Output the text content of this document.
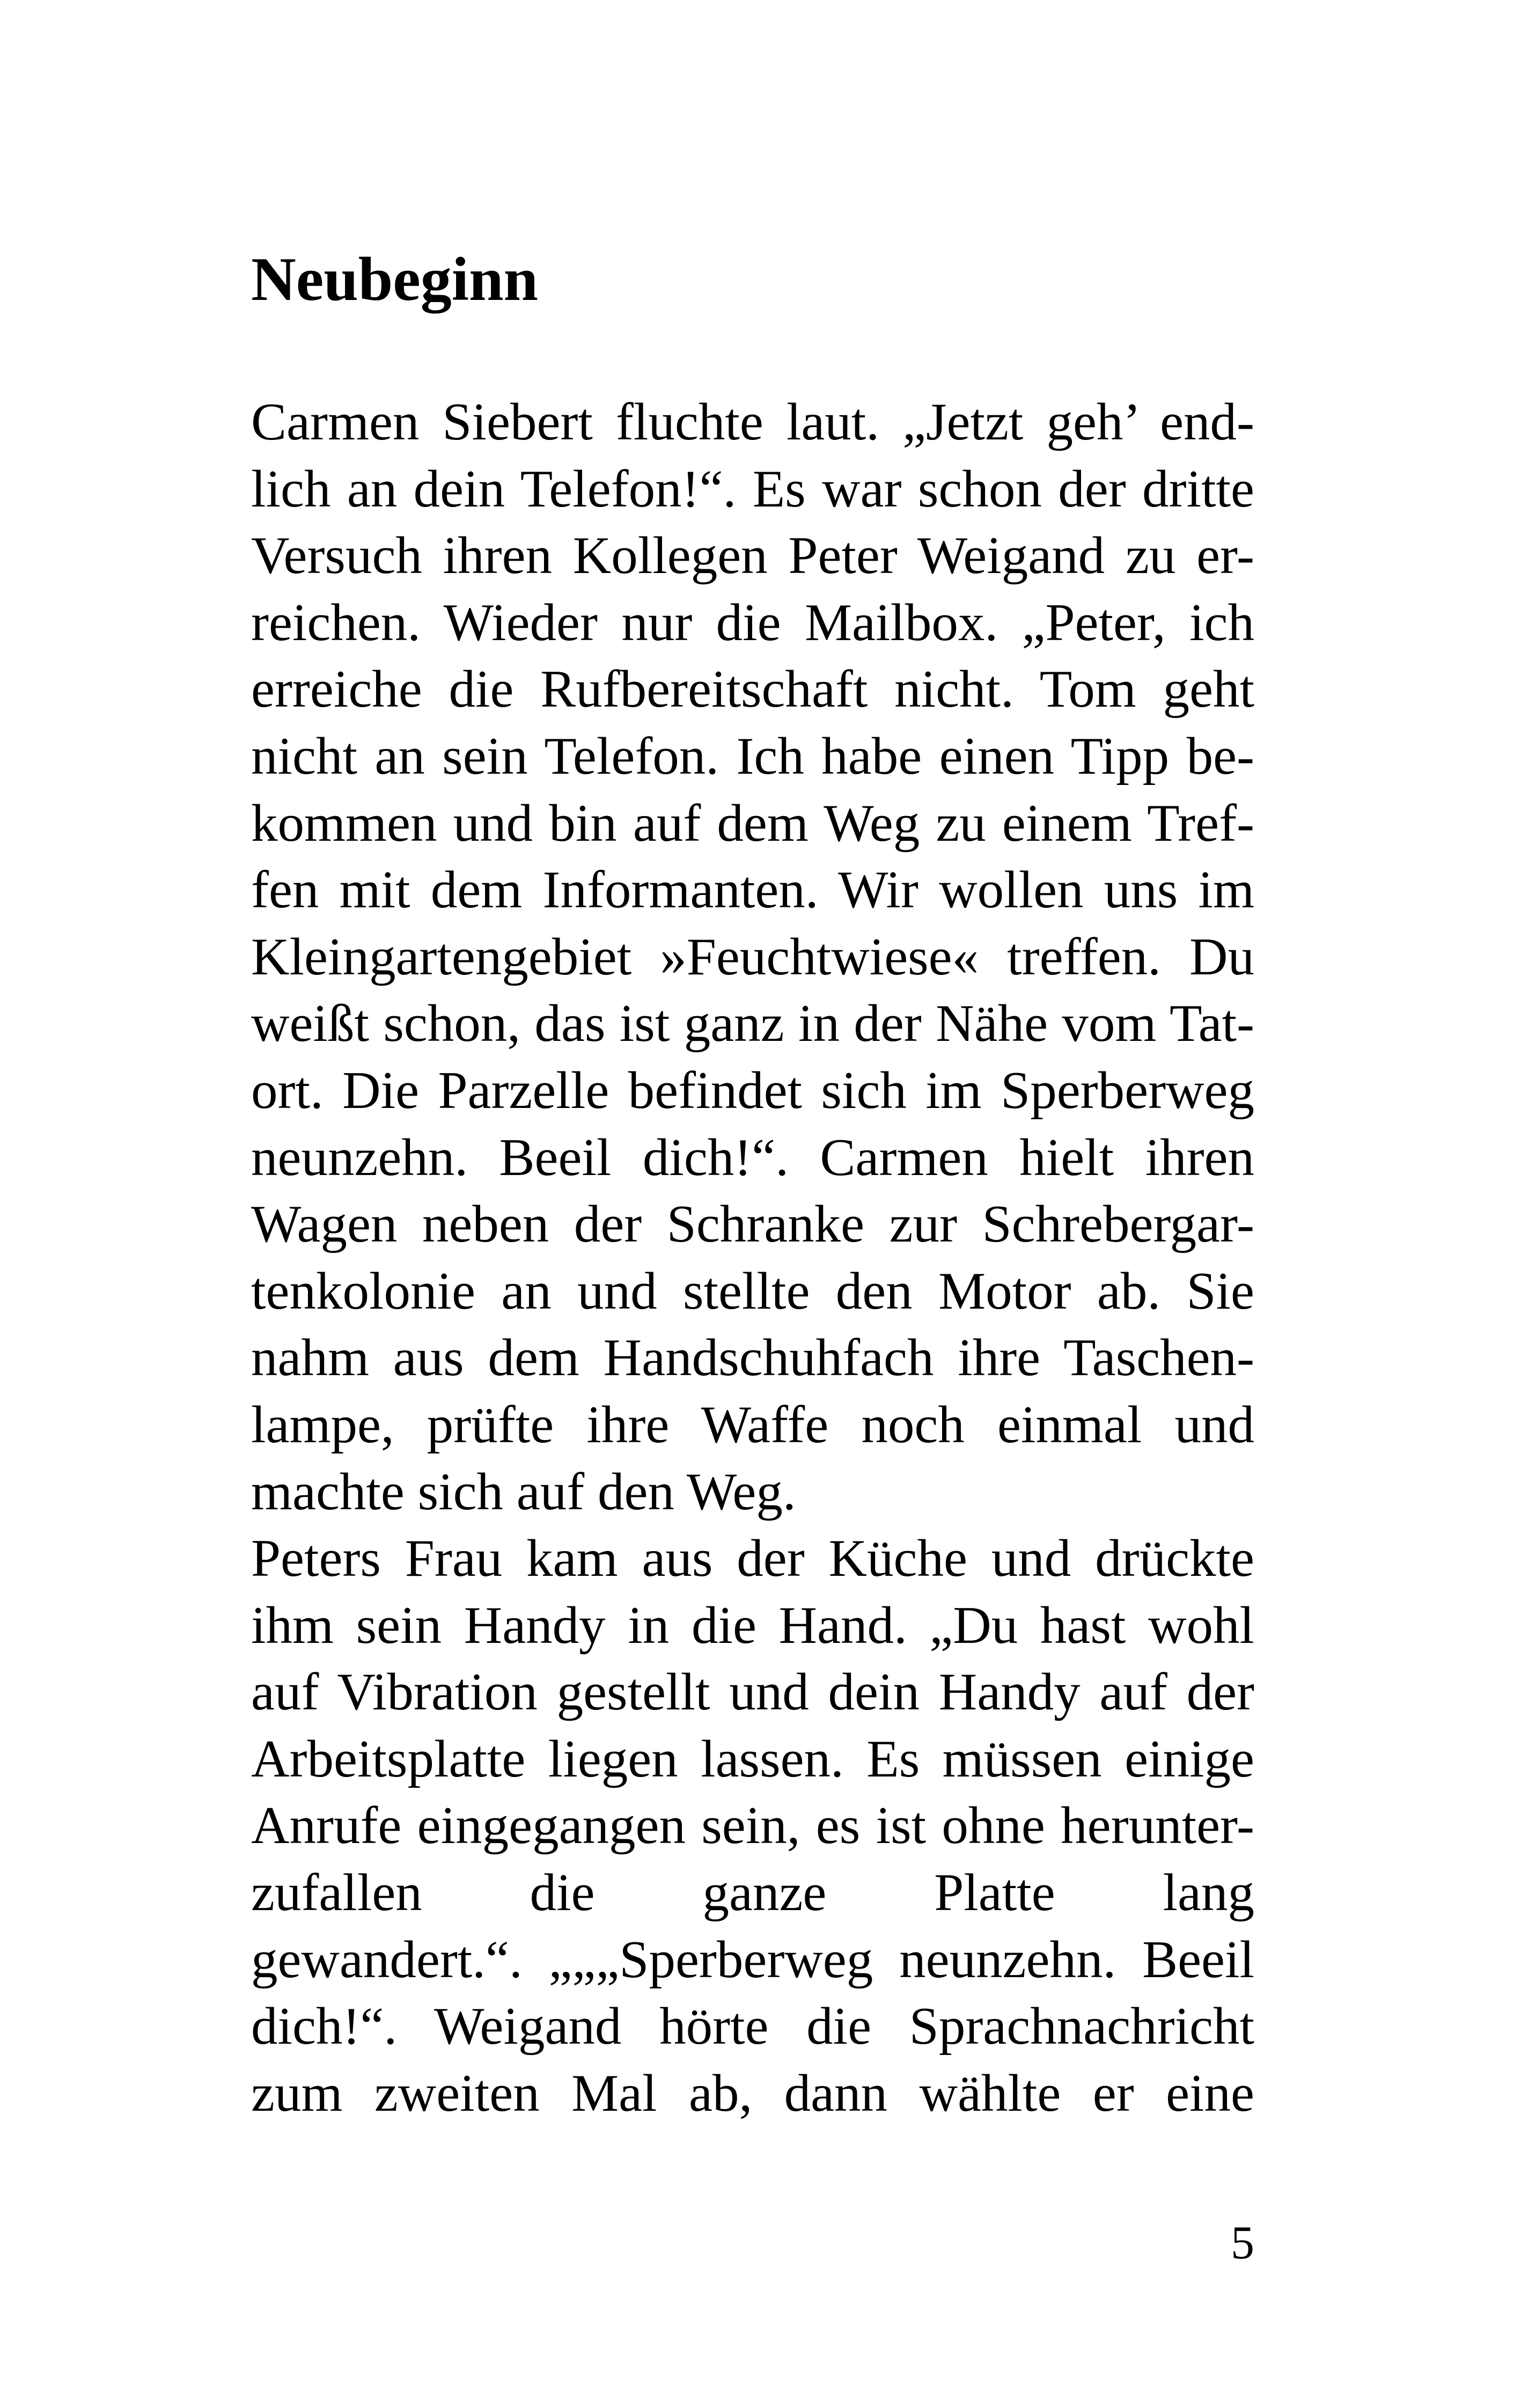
Neubeginn
Carmen Siebert fluchte laut. „Jetzt geh’ end-
lich an dein Telefon!“. Es war schon der dritte
Versuch ihren Kollegen Peter Weigand zu er-
reichen. Wieder nur die Mailbox. „Peter, ich
erreiche die Rufbereitschaft nicht. Tom geht
nicht an sein Telefon. Ich habe einen Tipp be-
kommen und bin auf dem Weg zu einem Tref-
fen mit dem Informanten. Wir wollen uns im
Kleingartengebiet »Feuchtwiese« treffen. Du
weißt schon, das ist ganz in der Nähe vom Tat-
ort. Die Parzelle befindet sich im Sperberweg
neunzehn. Beeil dich!“. Carmen hielt ihren
Wagen neben der Schranke zur Schrebergar-
tenkolonie an und stellte den Motor ab. Sie
nahm aus dem Handschuhfach ihre Taschen-
lampe, prüfte ihre Waffe noch einmal und
machte sich auf den Weg.
Peters Frau kam aus der Küche und drückte
ihm sein Handy in die Hand. „Du hast wohl
auf Vibration gestellt und dein Handy auf der
Arbeitsplatte liegen lassen. Es müssen einige
Anrufe eingegangen sein, es ist ohne herunter-
zufallen die ganze Platte lang
gewandert.“. „„„Sperberweg neunzehn. Beeil
dich!“. Weigand hörte die Sprachnachricht
zum zweiten Mal ab, dann wählte er eine
5
